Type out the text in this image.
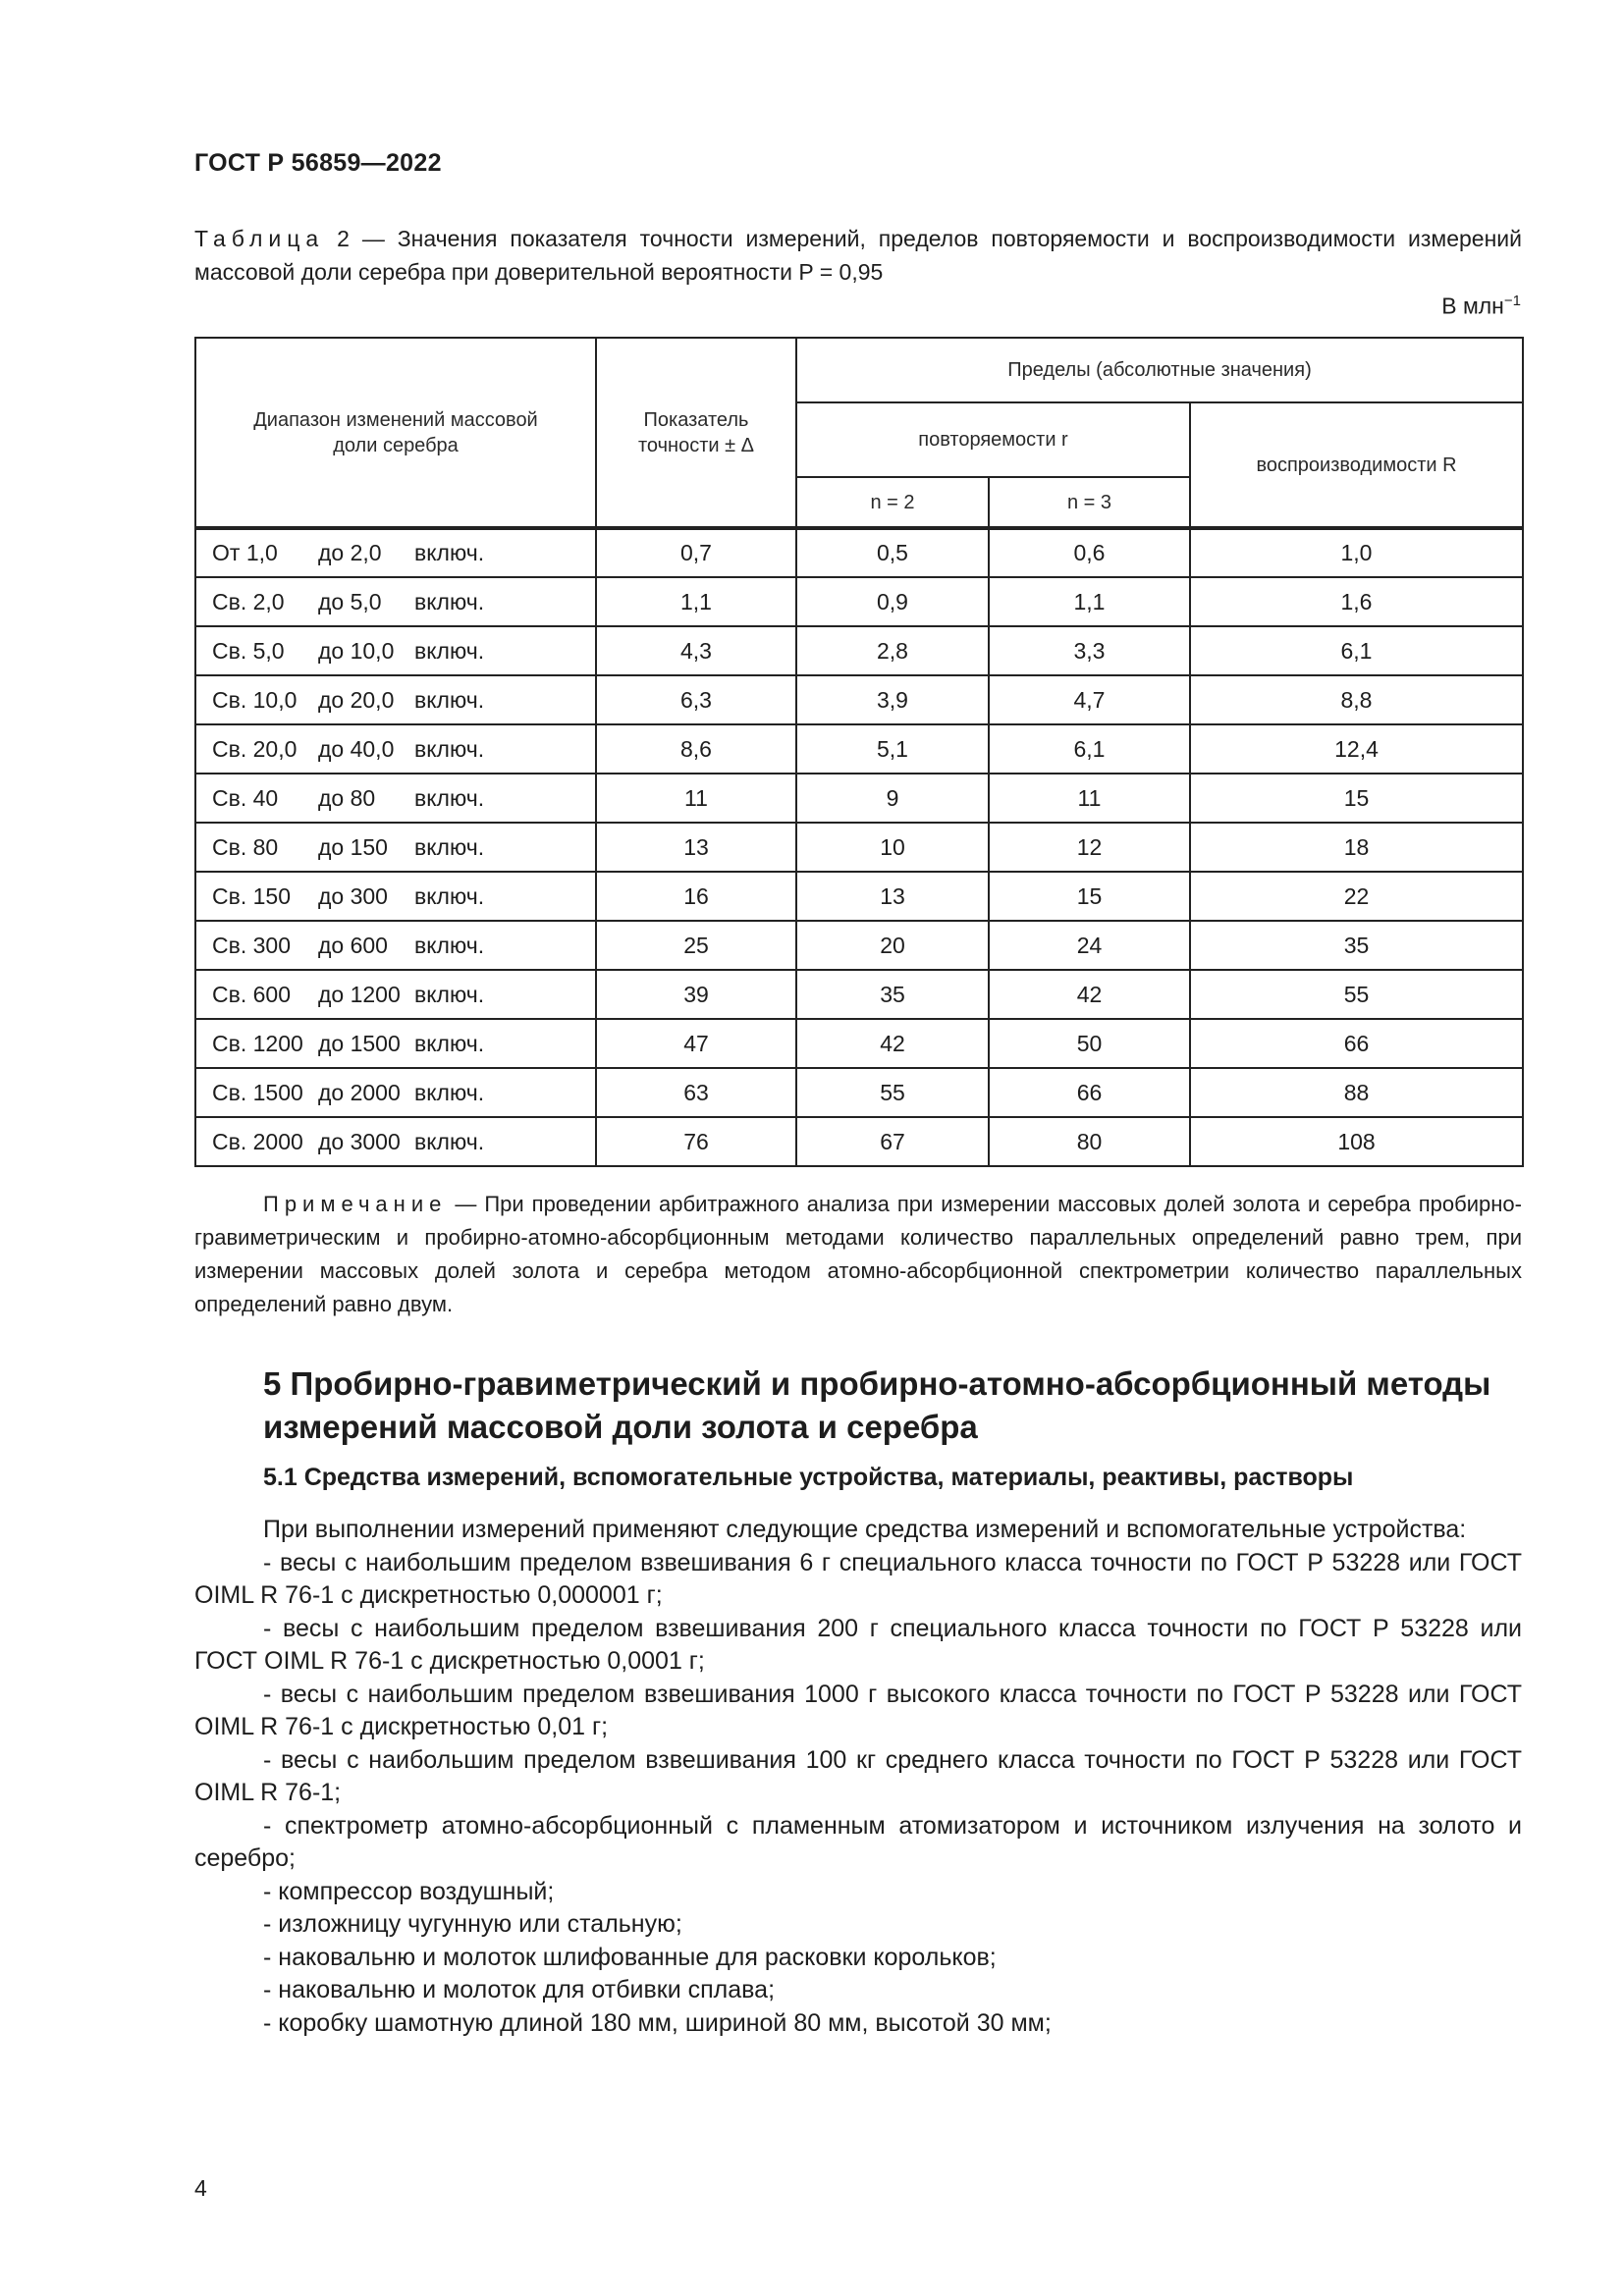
ГОСТ Р 56859—2022
Таблица 2 — Значения показателя точности измерений, пределов повторяемости и воспроизводимости измерений массовой доли серебра при доверительной вероятности P = 0,95
В млн$^{-1}$
Диапазон изменений массовой доли серебра	Показатель точности ± Δ	Пределы (абсолютные значения)		
		повторяемости r		воспроизводимости R
		n = 2	n = 3	
От 1,0 до 2,0 включ.	0,7	0,5	0,6	1,0
Св. 2,0 до 5,0 включ.	1,1	0,9	1,1	1,6
Св. 5,0 до 10,0 включ.	4,3	2,8	3,3	6,1
Св. 10,0 до 20,0 включ.	6,3	3,9	4,7	8,8
Св. 20,0 до 40,0 включ.	8,6	5,1	6,1	12,4
Св. 40 до 80 включ.	11	9	11	15
Св. 80 до 150 включ.	13	10	12	18
Св. 150 до 300 включ.	16	13	15	22
Св. 300 до 600 включ.	25	20	24	35
Св. 600 до 1200 включ.	39	35	42	55
Св. 1200 до 1500 включ.	47	42	50	66
Св. 1500 до 2000 включ.	63	55	66	88
Св. 2000 до 3000 включ.	76	67	80	108
Примечание — При проведении арбитражного анализа при измерении массовых долей золота и серебра пробирно-гравиметрическим и пробирно-атомно-абсорбционным методами количество параллельных определений равно трем, при измерении массовых долей золота и серебра методом атомно-абсорбционной спектрометрии количество параллельных определений равно двум.
5 Пробирно-гравиметрический и пробирно-атомно-абсорбционный методы измерений массовой доли золота и серебра
5.1 Средства измерений, вспомогательные устройства, материалы, реактивы, растворы

При выполнении измерений применяют следующие средства измерений и вспомогательные устройства:

- весы с наибольшим пределом взвешивания 6 г специального класса точности по ГОСТ Р 53228 или ГОСТ OIML R 76-1 с дискретностью 0,000001 г;

- весы с наибольшим пределом взвешивания 200 г специального класса точности по ГОСТ Р 53228 или ГОСТ OIML R 76-1 с дискретностью 0,0001 г;

- весы с наибольшим пределом взвешивания 1000 г высокого класса точности по ГОСТ Р 53228 или ГОСТ OIML R 76-1 с дискретностью 0,01 г;

- весы с наибольшим пределом взвешивания 100 кг среднего класса точности по ГОСТ Р 53228 или ГОСТ OIML R 76-1;

- спектрометр атомно-абсорбционный с пламенным атомизатором и источником излучения на золото и серебро;

- компрессор воздушный;

- изложницу чугунную или стальную;

- наковальню и молоток шлифованные для расковки корольков;

- наковальню и молоток для отбивки сплава;

- коробку шамотную длиной 180 мм, шириной 80 мм, высотой 30 мм;

4
